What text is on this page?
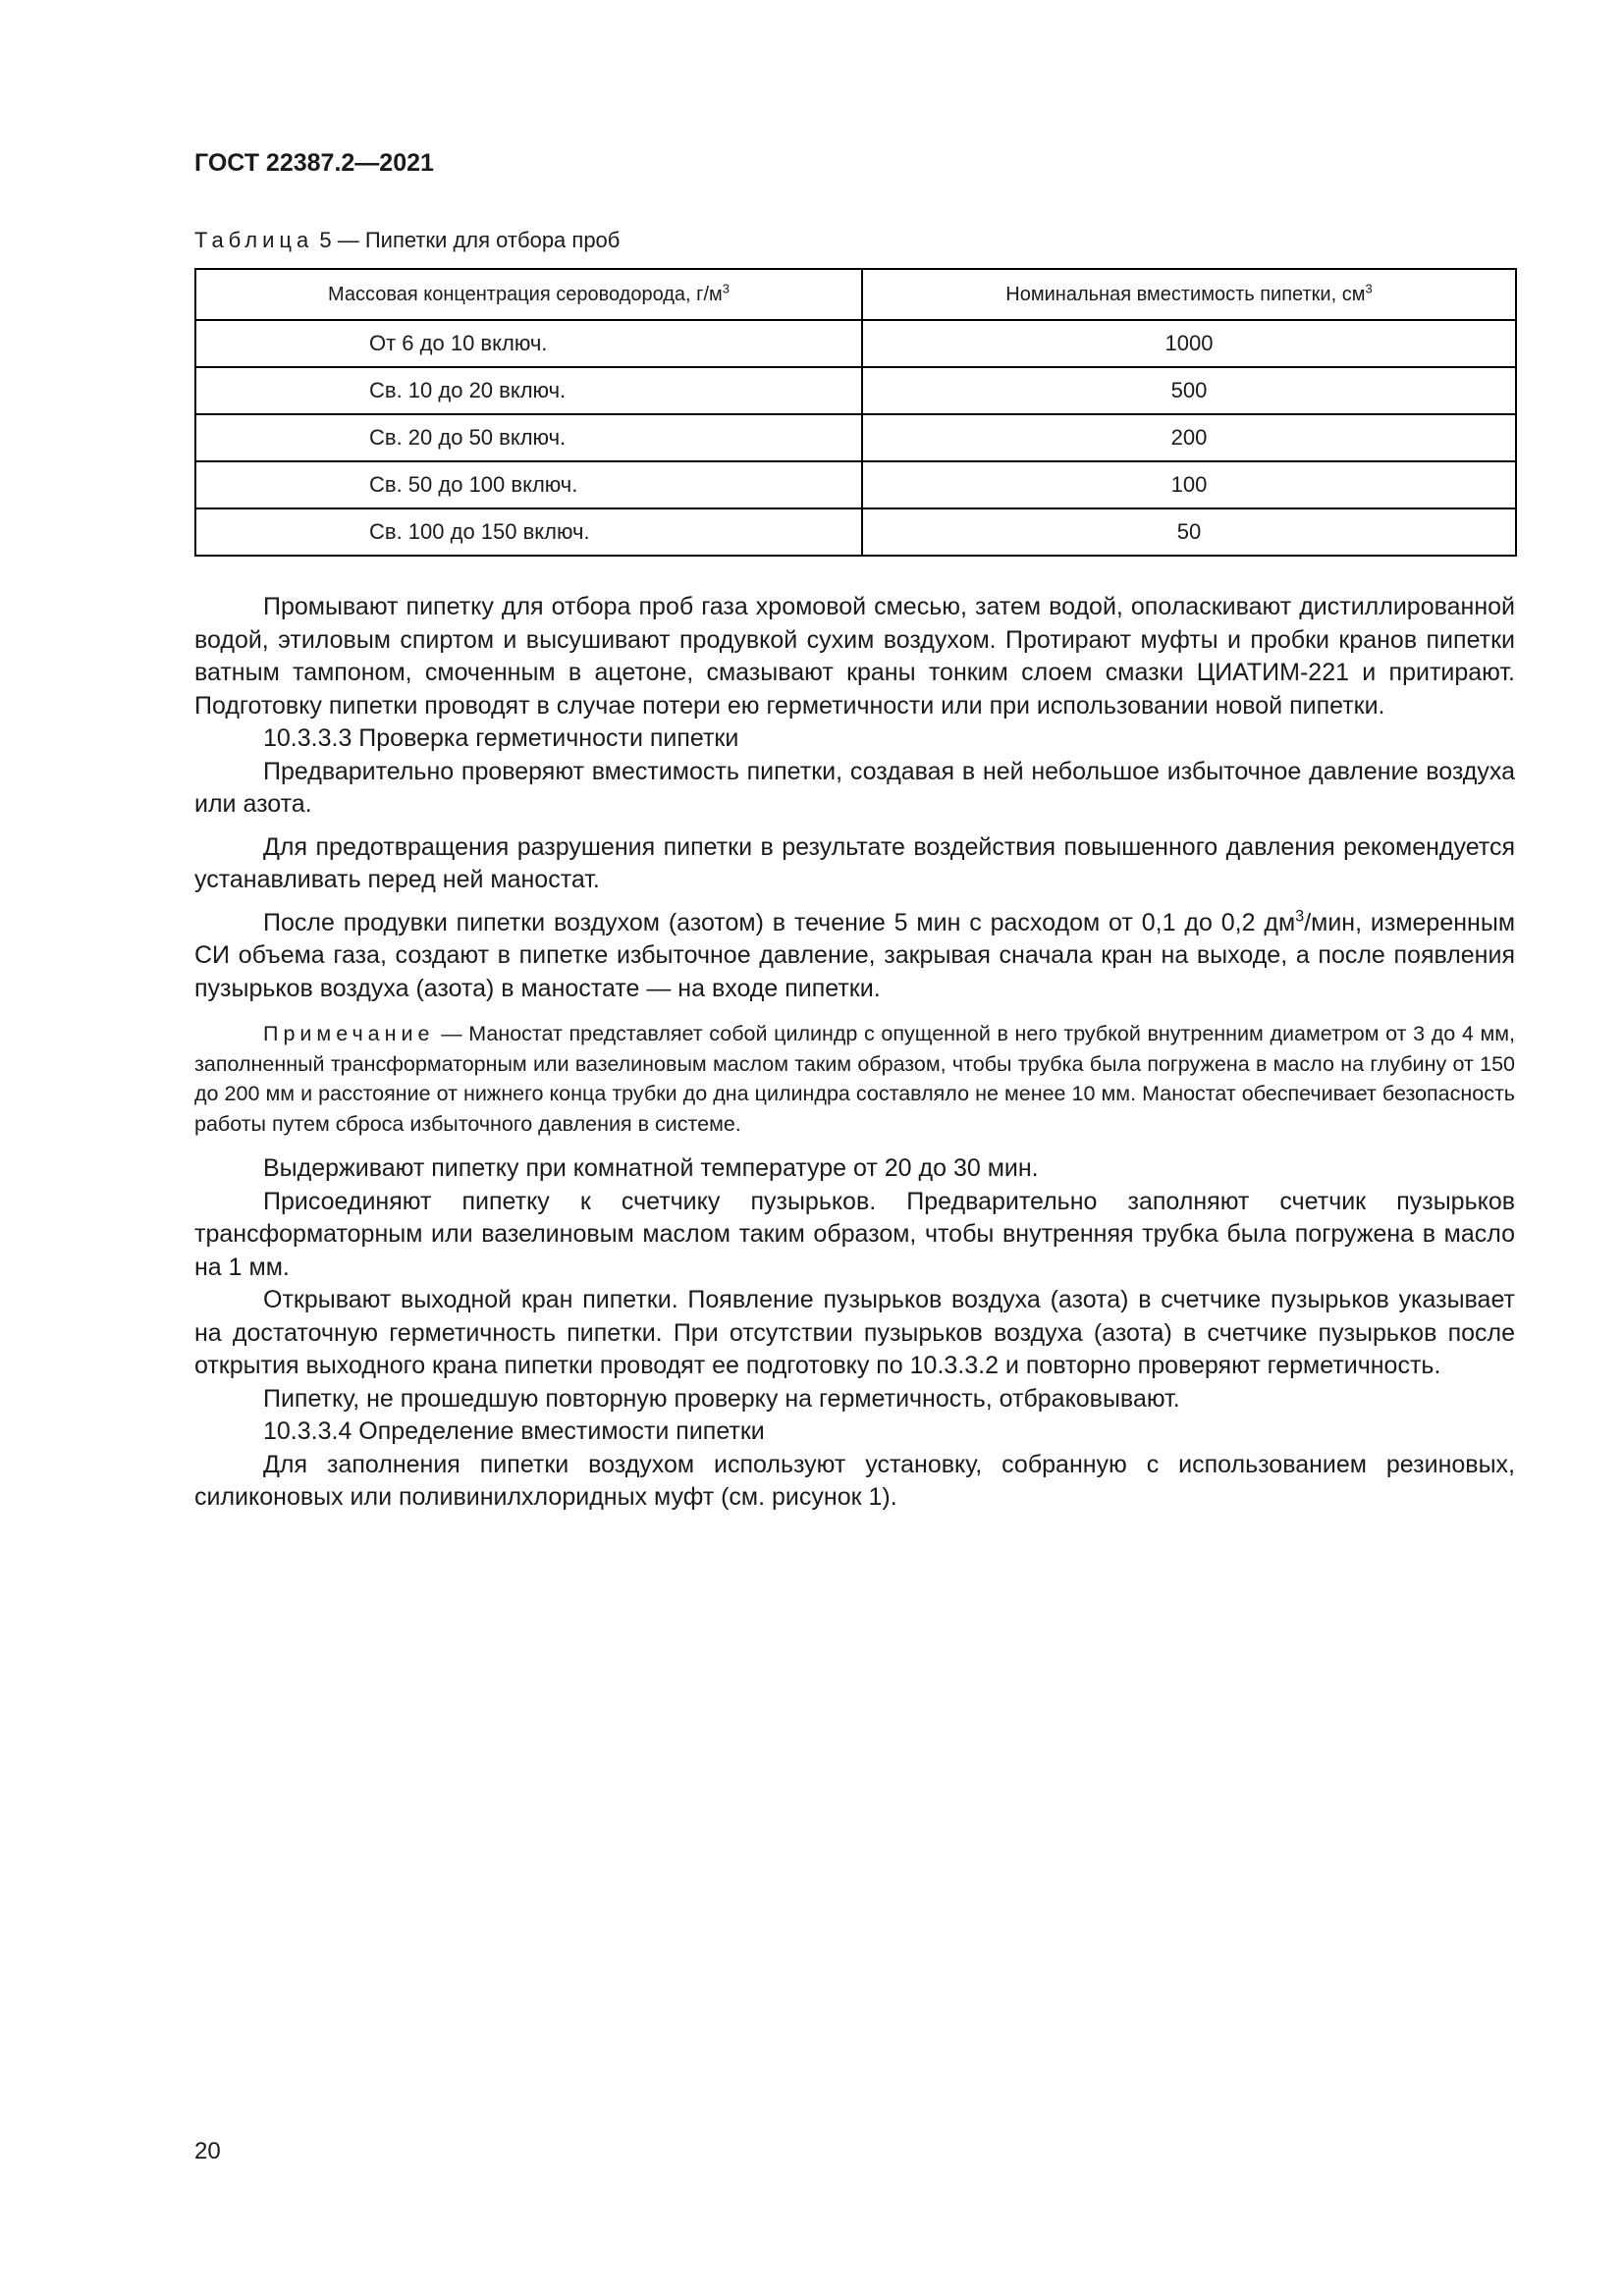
ГОСТ 22387.2—2021
Таблица 5 — Пипетки для отбора проб
Массовая концентрация сероводорода, $г/м^3$	Номинальная вместимость пипетки, $см^3$
От 6 до 10 включ.	1000
Св. 10 до 20 включ.	500
Св. 20 до 50 включ.	200
Св. 50 до 100 включ.	100
Св. 100 до 150 включ.	50

Промывают пипетку для отбора проб газа хромовой смесью, затем водой, ополаскивают дистиллированной водой, этиловым спиртом и высушивают продувкой сухим воздухом. Протирают муфты и пробки кранов пипетки ватным тампоном, смоченным в ацетоне, смазывают краны тонким слоем смазки ЦИАТИМ-221 и притирают. Подготовку пипетки проводят в случае потери ею герметичности или при использовании новой пипетки.

10.3.3.3 Проверка герметичности пипетки

Предварительно проверяют вместимость пипетки, создавая в ней небольшое избыточное давление воздуха или азота.

Для предотвращения разрушения пипетки в результате воздействия повышенного давления рекомендуется устанавливать перед ней маностат.

После продувки пипетки воздухом (азотом) в течение 5 мин с расходом от 0,1 до 0,2 $дм^3$/мин, измеренным СИ объема газа, создают в пипетке избыточное давление, закрывая сначала кран на выходе, а после появления пузырьков воздуха (азота) в маностате — на входе пипетки.

Примечание — Маностат представляет собой цилиндр с опущенной в него трубкой внутренним диаметром от 3 до 4 мм, заполненный трансформаторным или вазелиновым маслом таким образом, чтобы трубка была погружена в масло на глубину от 150 до 200 мм и расстояние от нижнего конца трубки до дна цилиндра составляло не менее 10 мм. Маностат обеспечивает безопасность работы путем сброса избыточного давления в системе.

Выдерживают пипетку при комнатной температуре от 20 до 30 мин.

Присоединяют пипетку к счетчику пузырьков. Предварительно заполняют счетчик пузырьков трансформаторным или вазелиновым маслом таким образом, чтобы внутренняя трубка была погружена в масло на 1 мм.

Открывают выходной кран пипетки. Появление пузырьков воздуха (азота) в счетчике пузырьков указывает на достаточную герметичность пипетки. При отсутствии пузырьков воздуха (азота) в счетчике пузырьков после открытия выходного крана пипетки проводят ее подготовку по 10.3.3.2 и повторно проверяют герметичность.

Пипетку, не прошедшую повторную проверку на герметичность, отбраковывают.

10.3.3.4 Определение вместимости пипетки

Для заполнения пипетки воздухом используют установку, собранную с использованием резиновых, силиконовых или поливинилхлоридных муфт (см. рисунок 1).

20
